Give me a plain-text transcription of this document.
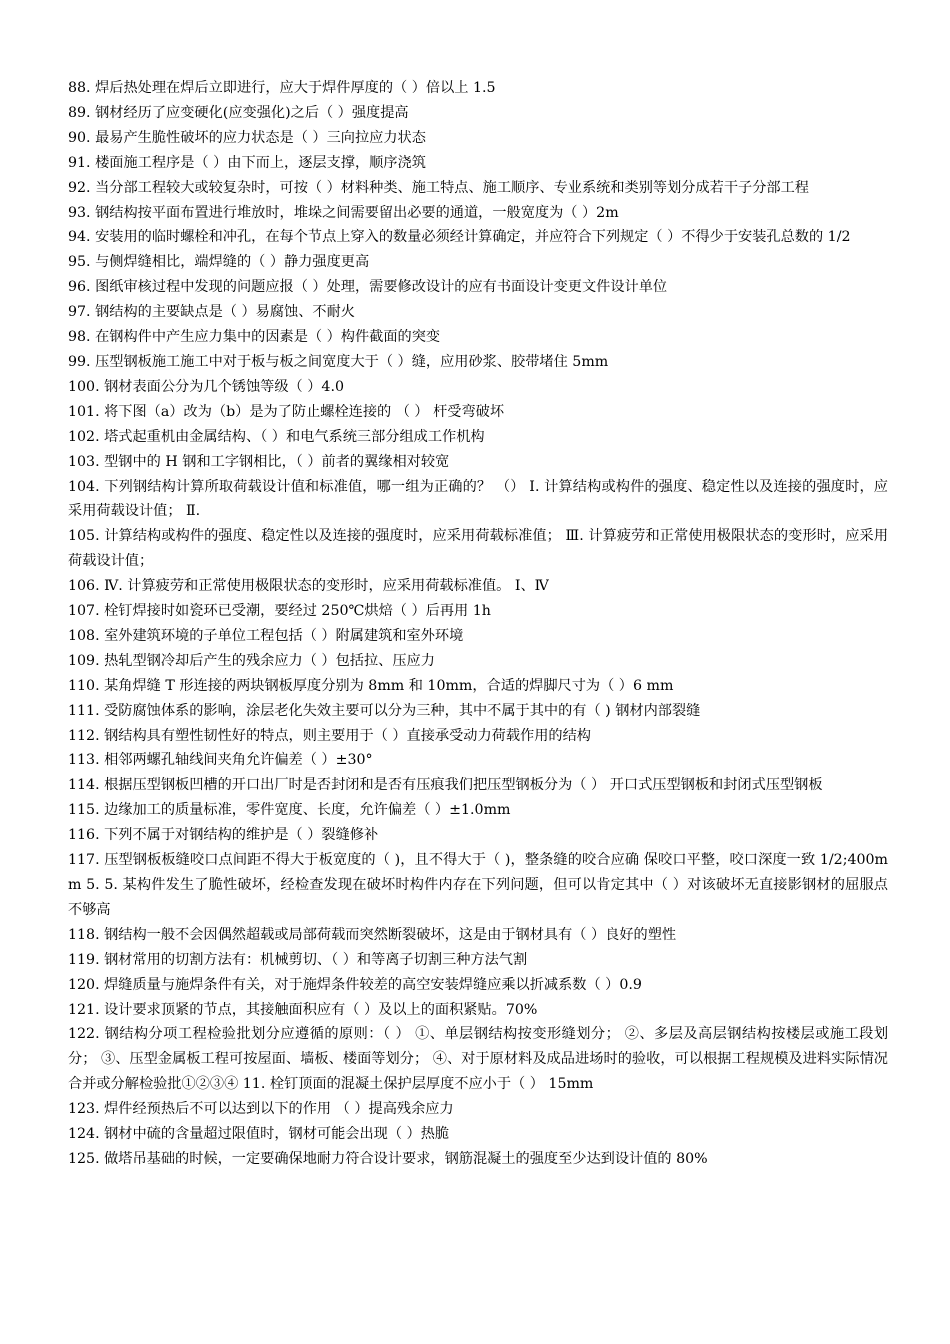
88. 焊后热处理在焊后立即进行，应大于焊件厚度的（ ）倍以上 1.5

89. 钢材经历了应变硬化(应变强化)之后（ ）强度提高

90. 最易产生脆性破坏的应力状态是（ ）三向拉应力状态

91. 楼面施工程序是（ ）由下而上，逐层支撑，顺序浇筑

92. 当分部工程较大或较复杂时，可按（ ）材料种类、施工特点、施工顺序、专业系统和类别等划分成若干子分部工程

93. 钢结构按平面布置进行堆放时，堆垛之间需要留出必要的通道，一般宽度为（ ）2m

94. 安装用的临时螺栓和冲孔，在每个节点上穿入的数量必须经计算确定，并应符合下列规定（ ）不得少于安装孔总数的 1/2

95. 与侧焊缝相比，端焊缝的（ ）静力强度更高

96. 图纸审核过程中发现的问题应报（ ）处理，需要修改设计的应有书面设计变更文件设计单位

97. 钢结构的主要缺点是（ ）易腐蚀、不耐火

98. 在钢构件中产生应力集中的因素是（ ）构件截面的突变

99. 压型钢板施工施工中对于板与板之间宽度大于（ ）缝，应用砂浆、胶带堵住 5mm

100. 钢材表面公分为几个锈蚀等级（ ）4.0

101. 将下图（a）改为（b）是为了防止螺栓连接的 （ ） 杆受弯破坏

102. 塔式起重机由金属结构、（ ）和电气系统三部分组成工作机构

103. 型钢中的 H 钢和工字钢相比，（ ）前者的翼缘相对较宽

104. 下列钢结构计算所取荷载设计值和标准值，哪一组为正确的？ （） Ⅰ. 计算结构或构件的强度、稳定性以及连接的强度时，应采用荷载设计值； Ⅱ.

105. 计算结构或构件的强度、稳定性以及连接的强度时，应采用荷载标准值； Ⅲ. 计算疲劳和正常使用极限状态的变形时，应采用荷载设计值；

106. Ⅳ. 计算疲劳和正常使用极限状态的变形时，应采用荷载标准值。 Ⅰ、Ⅳ

107. 栓钉焊接时如瓷环已受潮，要经过 250℃烘焙（ ）后再用 1h

108. 室外建筑环境的子单位工程包括（ ）附属建筑和室外环境

109. 热轧型钢冷却后产生的残余应力（ ）包括拉、压应力

110. 某角焊缝 T 形连接的两块钢板厚度分别为 8mm 和 10mm，合适的焊脚尺寸为（ ）6 mm

111. 受防腐蚀体系的影响，涂层老化失效主要可以分为三种，其中不属于其中的有（ ) 钢材内部裂缝

112. 钢结构具有塑性韧性好的特点，则主要用于（ ）直接承受动力荷载作用的结构

113. 相邻两螺孔轴线间夹角允许偏差（ ）±30°

114. 根据压型钢板凹槽的开口出厂时是否封闭和是否有压痕我们把压型钢板分为（ ） 开口式压型钢板和封闭式压型钢板

115. 边缘加工的质量标准，零件宽度、长度，允许偏差（ ）±1.0mm

116. 下列不属于对钢结构的维护是（ ）裂缝修补

117. 压型钢板板缝咬口点间距不得大于板宽度的（ )，且不得大于（ )，整条缝的咬合应确 保咬口平整，咬口深度一致 1/2;400mm 5. 5. 某构件发生了脆性破坏，经检查发现在破坏时构件内存在下列问题，但可以肯定其中（ ）对该破坏无直接影钢材的屈服点不够高

118. 钢结构一般不会因偶然超载或局部荷载而突然断裂破坏，这是由于钢材具有（ ）良好的塑性

119. 钢材常用的切割方法有：机械剪切、（ ）和等离子切割三种方法气割

120. 焊缝质量与施焊条件有关，对于施焊条件较差的高空安装焊缝应乘以折减系数（ ）0.9

121. 设计要求顶紧的节点，其接触面积应有（ ）及以上的面积紧贴。70%

122. 钢结构分项工程检验批划分应遵循的原则：（ ） ①、单层钢结构按变形缝划分； ②、多层及高层钢结构按楼层或施工段划分； ③、压型金属板工程可按屋面、墙板、楼面等划分； ④、对于原材料及成品进场时的验收，可以根据工程规模及进料实际情况合并或分解检验批①②③④ 11. 栓钉顶面的混凝土保护层厚度不应小于（ ） 15mm

123. 焊件经预热后不可以达到以下的作用 （ ）提高残余应力

124. 钢材中硫的含量超过限值时，钢材可能会出现（ ）热脆

125. 做塔吊基础的时候，一定要确保地耐力符合设计要求，钢筋混凝土的强度至少达到设计值的 80%
